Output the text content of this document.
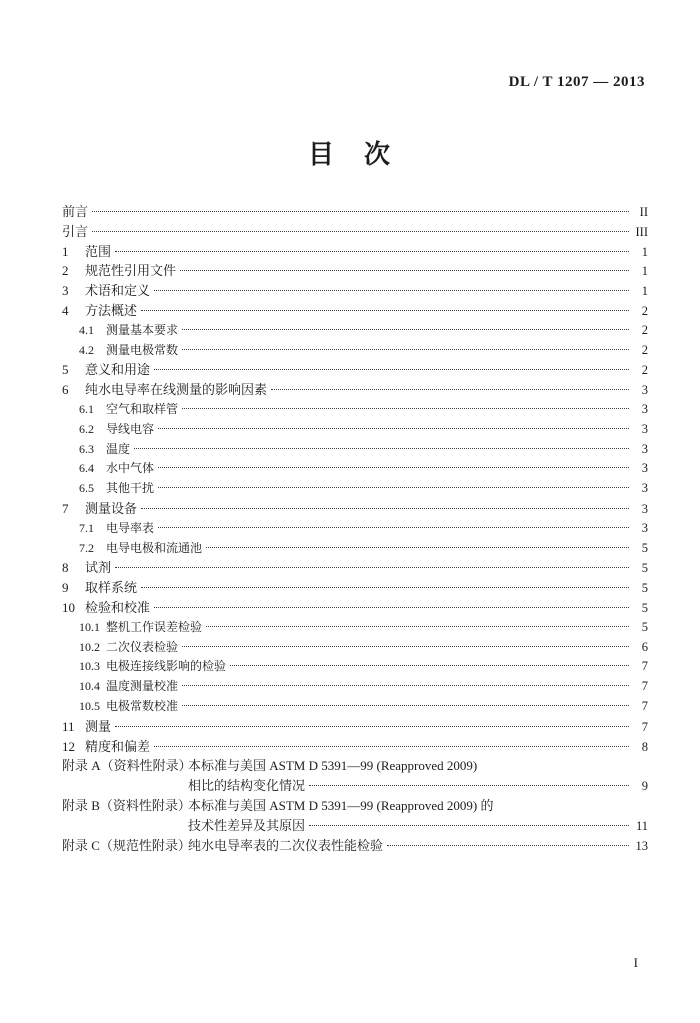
DL / T 1207 — 2013
目　次
前言	II
引言	III
1	范围	1
2	规范性引用文件	1
3	术语和定义	1
4	方法概述	2
4.1	测量基本要求	2
4.2	测量电极常数	2
5	意义和用途	2
6	纯水电导率在线测量的影响因素	3
6.1	空气和取样管	3
6.2	导线电容	3
6.3	温度	3
6.4	水中气体	3
6.5	其他干扰	3
7	测量设备	3
7.1	电导率表	3
7.2	电导电极和流通池	5
8	试剂	5
9	取样系统	5
10 检验和校准	5
10.1 整机工作误差检验	5
10.2 二次仪表检验	6
10.3 电极连接线影响的检验	7
10.4 温度测量校准	7
10.5 电极常数校准	7
11 测量	7
12 精度和偏差	8
附录 A（资料性附录）
本标准与美国 ASTM D 5391—99 (Reapproved 2009)
相比的结构变化情况	9
附录 B（资料性附录）
本标准与美国 ASTM D 5391—99 (Reapproved 2009) 的
技术性差异及其原因	11
附录 C（规范性附录）
纯水电导率表的二次仪表性能检验	13
I
